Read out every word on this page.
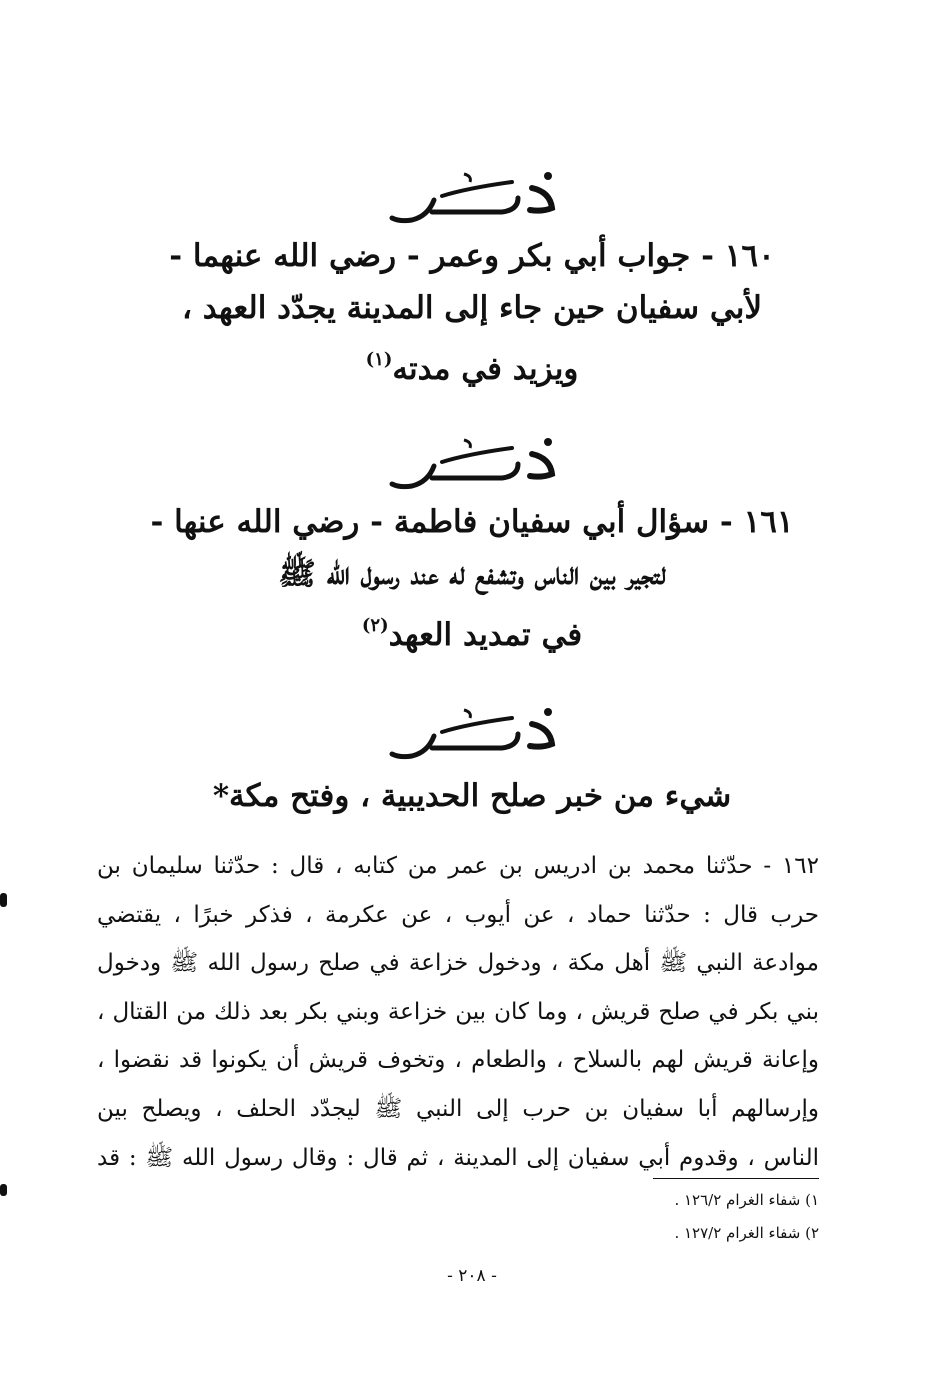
١٦٠ - جواب أبي بكر وعمر - رضي الله عنهما -
لأبي سفيان حين جاء إلى المدينة يجدّد العهد ،
ويزيد في مدته$^{(١)}$
١٦١ - سؤال أبي سفيان فاطمة - رضي الله عنها -
لتجير بين الناس وتشفع له عند رسول الله ﷺ
في تمديد العهد$^{(٢)}$
شيء من خبر صلح الحديبية ، وفتح مكة*
١٦٢ - حدّثنا محمد بن ادريس بن عمر من كتابه ، قال : حدّثنا سليمان بن
حرب قال : حدّثنا حماد ، عن أيوب ، عن عكرمة ، فذكر خبرًا ، يقتضي
موادعة النبي ﷺ أهل مكة ، ودخول خزاعة في صلح رسول الله ﷺ ودخول
بني بكر في صلح قريش ، وما كان بين خزاعة وبني بكر بعد ذلك من القتال ،
وإعانة قريش لهم بالسلاح ، والطعام ، وتخوف قريش أن يكونوا قد نقضوا ،
وإرسالهم أبا سفيان بن حرب إلى النبي ﷺ ليجدّد الحلف ، ويصلح بين
الناس ، وقدوم أبي سفيان إلى المدينة ، ثم قال : وقال رسول الله ﷺ : قد
١) شفاء الغرام ١٢٦/٢ .
٢) شفاء الغرام ١٢٧/٢ .
- ٢٠٨ -
